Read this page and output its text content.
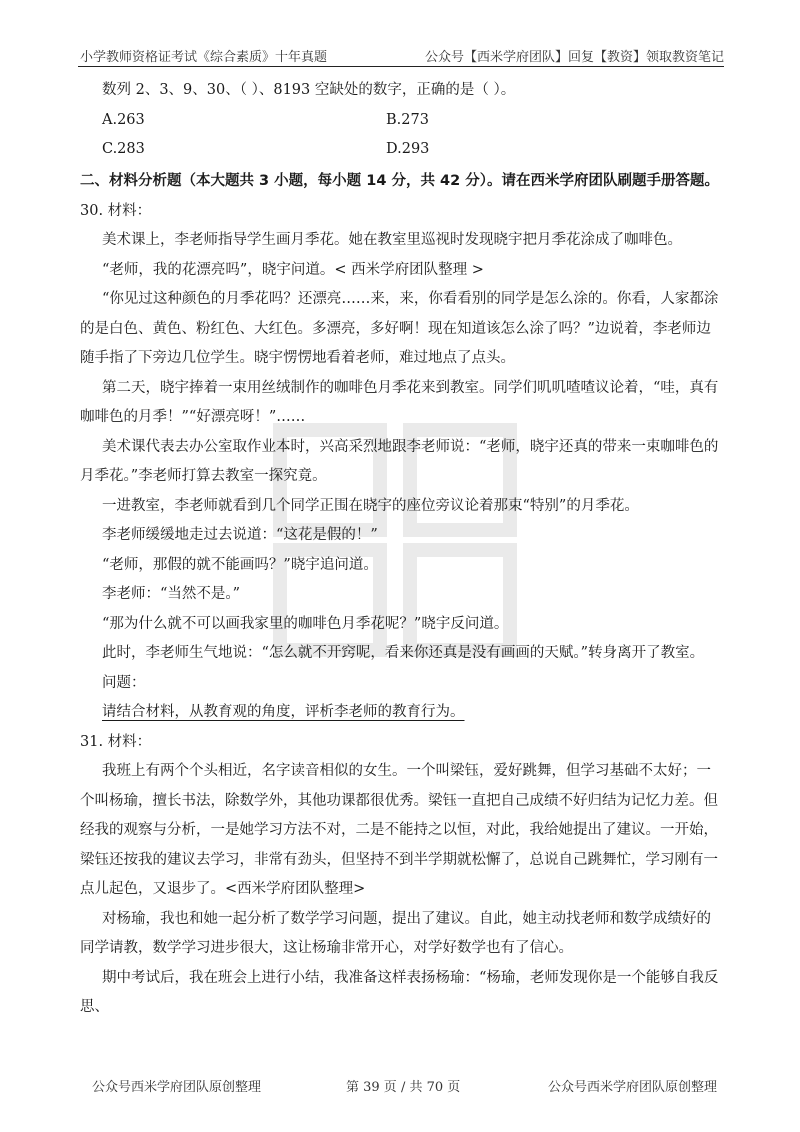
小学教师资格证考试《综合素质》十年真题	公众号【西米学府团队】回复【教资】领取教资笔记

数列 2、3、9、30、（ ）、8193 空缺处的数字，正确的是（ ）。

A.263	B.273
C.283	D.293

二、材料分析题（本大题共 3 小题，每小题 14 分，共 42 分）。请在西米学府团队刷题手册答题。

30. 材料：

美术课上，李老师指导学生画月季花。她在教室里巡视时发现晓宇把月季花涂成了咖啡色。

“老师，我的花漂亮吗”，晓宇问道。< 西米学府团队整理 >

“你见过这种颜色的月季花吗？还漂亮……来，来，你看看别的同学是怎么涂的。你看，人家都涂的是白色、黄色、粉红色、大红色。多漂亮，多好啊！现在知道该怎么涂了吗？”边说着，李老师边随手指了下旁边几位学生。晓宇愣愣地看着老师，难过地点了点头。

第二天，晓宇捧着一束用丝绒制作的咖啡色月季花来到教室。同学们叽叽喳喳议论着，“哇，真有咖啡色的月季！”“好漂亮呀！”……

美术课代表去办公室取作业本时，兴高采烈地跟李老师说：“老师，晓宇还真的带来一束咖啡色的月季花。”李老师打算去教室一探究竟。

一进教室，李老师就看到几个同学正围在晓宇的座位旁议论着那束“特别”的月季花。

李老师缓缓地走过去说道：“这花是假的！”

“老师，那假的就不能画吗？”晓宇追问道。

李老师：“当然不是。”

“那为什么就不可以画我家里的咖啡色月季花呢？”晓宇反问道。

此时，李老师生气地说：“怎么就不开窍呢，看来你还真是没有画画的天赋。”转身离开了教室。

问题：

请结合材料，从教育观的角度，评析李老师的教育行为。

31. 材料：

我班上有两个个头相近，名字读音相似的女生。一个叫梁钰，爱好跳舞，但学习基础不太好；一个叫杨瑜，擅长书法，除数学外，其他功课都很优秀。梁钰一直把自己成绩不好归结为记忆力差。但经我的观察与分析，一是她学习方法不对，二是不能持之以恒，对此，我给她提出了建议。一开始，梁钰还按我的建议去学习，非常有劲头，但坚持不到半学期就松懈了，总说自己跳舞忙，学习刚有一点儿起色，又退步了。<西米学府团队整理>

对杨瑜，我也和她一起分析了数学学习问题，提出了建议。自此，她主动找老师和数学成绩好的同学请教，数学学习进步很大，这让杨瑜非常开心，对学好数学也有了信心。

期中考试后，我在班会上进行小结，我准备这样表扬杨瑜：“杨瑜，老师发现你是一个能够自我反思、

公众号西米学府团队原创整理	第 39 页 / 共 70 页	公众号西米学府团队原创整理
